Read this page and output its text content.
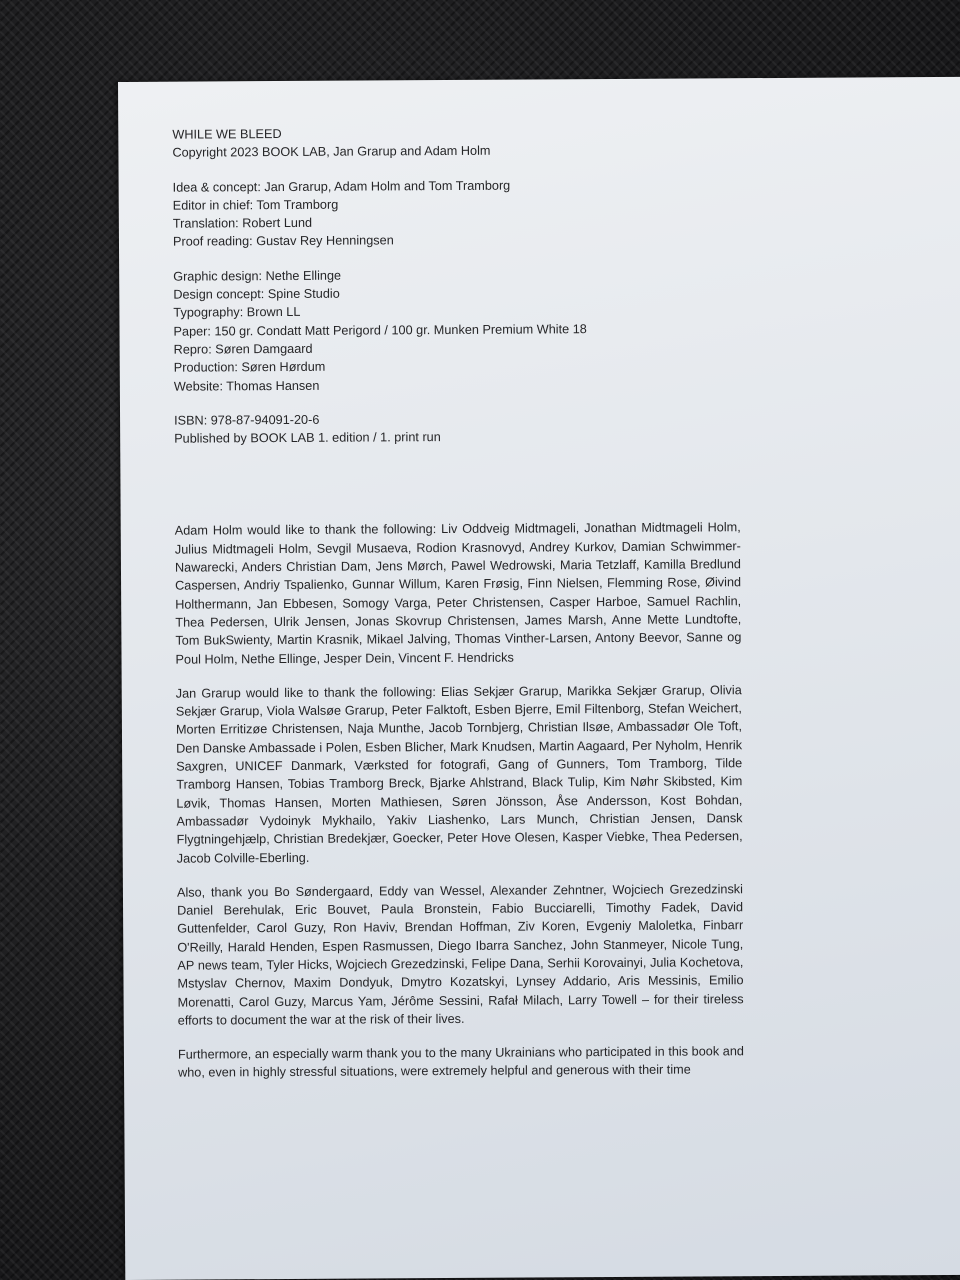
WHILE WE BLEED
Copyright 2023 BOOK LAB, Jan Grarup and Adam Holm
Idea & concept: Jan Grarup, Adam Holm and Tom Tramborg
Editor in chief: Tom Tramborg
Translation: Robert Lund
Proof reading: Gustav Rey Henningsen
Graphic design: Nethe Ellinge
Design concept: Spine Studio
Typography: Brown LL
Paper: 150 gr. Condatt Matt Perigord / 100 gr. Munken Premium White 18
Repro: Søren Damgaard
Production: Søren Hørdum
Website: Thomas Hansen
ISBN: 978-87-94091-20-6
Published by BOOK LAB 1. edition / 1. print run

Adam Holm would like to thank the following: Liv Oddveig Midtmageli, Jonathan Midtmageli Holm, Julius Midtmageli Holm, Sevgil Musaeva, Rodion Krasnovyd, Andrey Kurkov, Damian Schwimmer-Nawarecki, Anders Christian Dam, Jens Mørch, Pawel Wedrowski, Maria Tetzlaff, Kamilla Bredlund Caspersen, Andriy Tspalienko, Gunnar Willum, Karen Frøsig, Finn Nielsen, Flemming Rose, Øivind Holthermann, Jan Ebbesen, Somogy Varga, Peter Christensen, Casper Harboe, Samuel Rachlin, Thea Pedersen, Ulrik Jensen, Jonas Skovrup Christensen, James Marsh, Anne Mette Lundtofte, Tom BukSwienty, Martin Krasnik, Mikael Jalving, Thomas Vinther-Larsen, Antony Beevor, Sanne og Poul Holm, Nethe Ellinge, Jesper Dein, Vincent F. Hendricks

Jan Grarup would like to thank the following: Elias Sekjær Grarup, Marikka Sekjær Grarup, Olivia Sekjær Grarup, Viola Walsøe Grarup, Peter Falktoft, Esben Bjerre, Emil Filtenborg, Stefan Weichert, Morten Erritizøe Christensen, Naja Munthe, Jacob Tornbjerg, Christian Ilsøe, Ambassadør Ole Toft, Den Danske Ambassade i Polen, Esben Blicher, Mark Knudsen, Martin Aagaard, Per Nyholm, Henrik Saxgren, UNICEF Danmark, Værksted for fotografi, Gang of Gunners, Tom Tramborg, Tilde Tramborg Hansen, Tobias Tramborg Breck, Bjarke Ahlstrand, Black Tulip, Kim Nøhr Skibsted, Kim Løvik, Thomas Hansen, Morten Mathiesen, Søren Jönsson, Åse Andersson, Kost Bohdan, Ambassadør Vydoinyk Mykhailo, Yakiv Liashenko, Lars Munch, Christian Jensen, Dansk Flygtningehjælp, Christian Bredekjær, Goecker, Peter Hove Olesen, Kasper Viebke, Thea Pedersen, Jacob Colville-Eberling.

Also, thank you Bo Søndergaard, Eddy van Wessel, Alexander Zehntner, Wojciech Grezedzinski Daniel Berehulak, Eric Bouvet, Paula Bronstein, Fabio Bucciarelli, Timothy Fadek, David Guttenfelder, Carol Guzy, Ron Haviv, Brendan Hoffman, Ziv Koren, Evgeniy Maloletka, Finbarr O'Reilly, Harald Henden, Espen Rasmussen, Diego Ibarra Sanchez, John Stanmeyer, Nicole Tung, AP news team, Tyler Hicks, Wojciech Grezedzinski, Felipe Dana, Serhii Korovainyi, Julia Kochetova, Mstyslav Chernov, Maxim Dondyuk, Dmytro Kozatskyi, Lynsey Addario, Aris Messinis, Emilio Morenatti, Carol Guzy, Marcus Yam, Jérôme Sessini, Rafał Milach, Larry Towell – for their tireless efforts to document the war at the risk of their lives.

Furthermore, an especially warm thank you to the many Ukrainians who participated in this book and who, even in highly stressful situations, were extremely helpful and generous with their time
